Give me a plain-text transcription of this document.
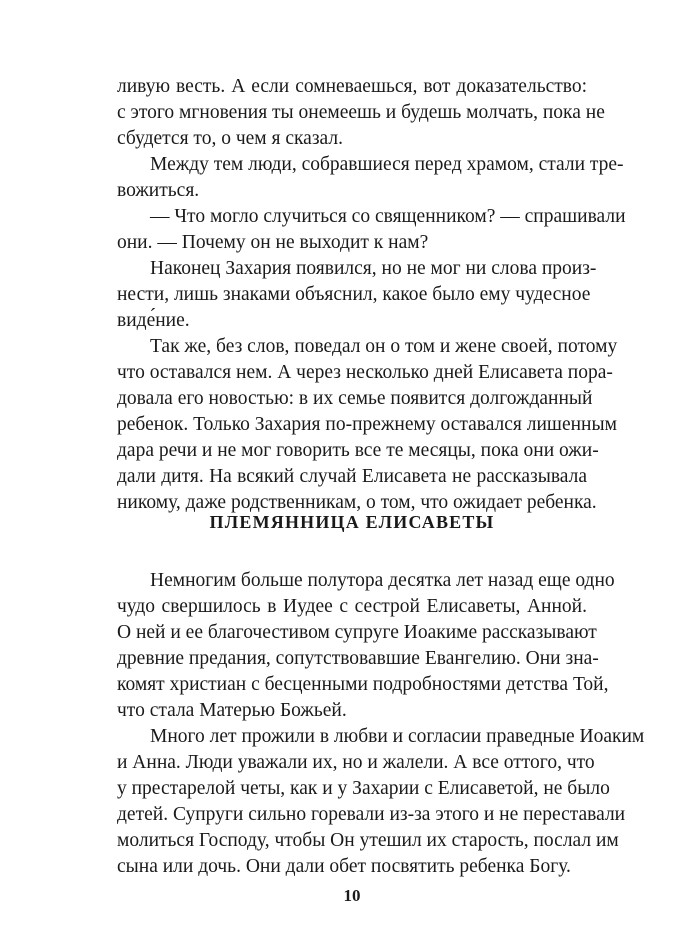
ливую весть. А если сомневаешься, вот доказательство:
с этого мгновения ты онемеешь и будешь молчать, пока не
сбудется то, о чем я сказал.
Между тем люди, собравшиеся перед храмом, стали тре-
вожиться.
— Что могло случиться со священником? — спрашивали
они. — Почему он не выходит к нам?
Наконец Захария появился, но не мог ни слова произ-
нести, лишь знаками объяснил, какое было ему чудесное
виде́ние.
Так же, без слов, поведал он о том и жене своей, потому
что оставался нем. А через несколько дней Елисавета пора-
довала его новостью: в их семье появится долгожданный
ребенок. Только Захария по-прежнему оставался лишенным
дара речи и не мог говорить все те месяцы, пока они ожи-
дали дитя. На всякий случай Елисавета не рассказывала
никому, даже родственникам, о том, что ожидает ребенка.
ПЛЕМЯННИЦА ЕЛИСАВЕТЫ
Немногим больше полутора десятка лет назад еще одно
чудо свершилось в Иудее с сестрой Елисаветы, Анной.
О ней и ее благочестивом супруге Иоакиме рассказывают
древние предания, сопутствовавшие Евангелию. Они зна-
комят христиан с бесценными подробностями детства Той,
что стала Матерью Божьей.
Много лет прожили в любви и согласии праведные Иоаким
и Анна. Люди уважали их, но и жалели. А все оттого, что
у престарелой четы, как и у Захарии с Елисаветой, не было
детей. Супруги сильно горевали из-за этого и не переставали
молиться Господу, чтобы Он утешил их старость, послал им
сына или дочь. Они дали обет посвятить ребенка Богу.
10
